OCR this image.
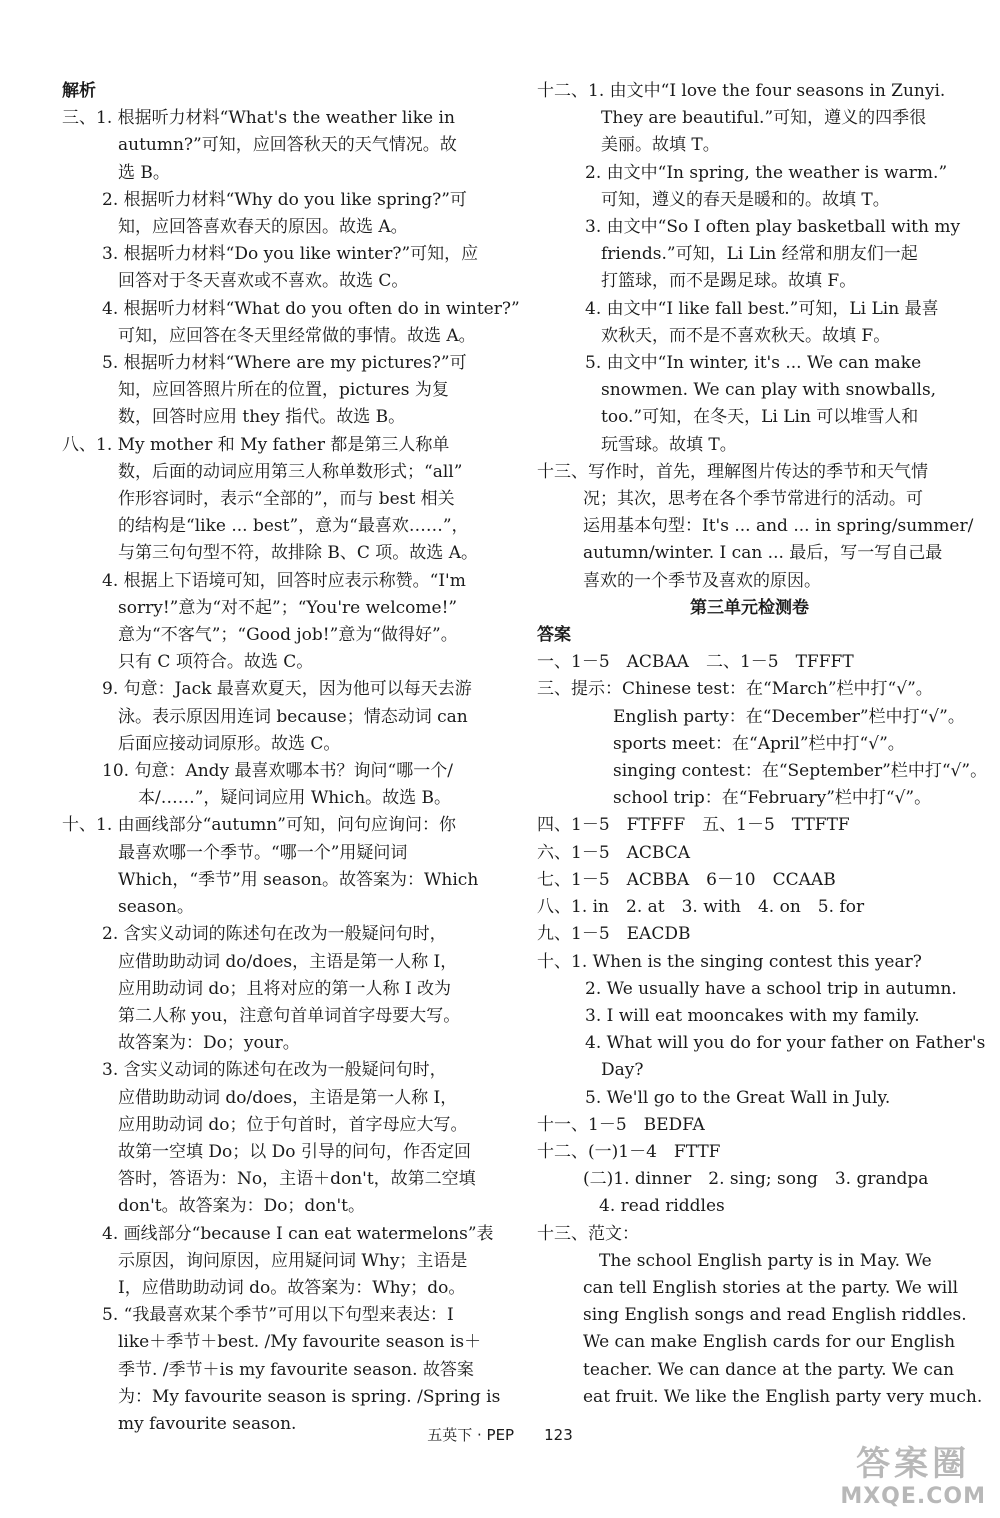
解析
三、1. 根据听力材料“What's the weather like in
autumn?”可知，应回答秋天的天气情况。故
选 B。
2. 根据听力材料“Why do you like spring?”可
知，应回答喜欢春天的原因。故选 A。
3. 根据听力材料“Do you like winter?”可知，应
回答对于冬天喜欢或不喜欢。故选 C。
4. 根据听力材料“What do you often do in winter?”
可知，应回答在冬天里经常做的事情。故选 A。
5. 根据听力材料“Where are my pictures?”可
知，应回答照片所在的位置，pictures 为复
数，回答时应用 they 指代。故选 B。
八、1. My mother 和 My father 都是第三人称单
数，后面的动词应用第三人称单数形式；“all”
作形容词时，表示“全部的”，而与 best 相关
的结构是“like ... best”，意为“最喜欢……”，
与第三句句型不符，故排除 B、C 项。故选 A。
4. 根据上下语境可知，回答时应表示称赞。“I'm
sorry!”意为“对不起”；“You're welcome!”
意为“不客气”；“Good job!”意为“做得好”。
只有 C 项符合。故选 C。
9. 句意：Jack 最喜欢夏天，因为他可以每天去游
泳。表示原因用连词 because；情态动词 can
后面应接动词原形。故选 C。
10. 句意：Andy 最喜欢哪本书？询问“哪一个/
本/……”，疑问词应用 Which。故选 B。
十、1. 由画线部分“autumn”可知，问句应询问：你
最喜欢哪一个季节。“哪一个”用疑问词
Which，“季节”用 season。故答案为：Which
season。
2. 含实义动词的陈述句在改为一般疑问句时，
应借助助动词 do/does，主语是第一人称 I，
应用助动词 do；且将对应的第一人称 I 改为
第二人称 you，注意句首单词首字母要大写。
故答案为：Do；your。
3. 含实义动词的陈述句在改为一般疑问句时，
应借助助动词 do/does，主语是第一人称 I，
应用助动词 do；位于句首时，首字母应大写。
故第一空填 Do；以 Do 引导的问句，作否定回
答时，答语为：No，主语＋don't，故第二空填
don't。故答案为：Do；don't。
4. 画线部分“because I can eat watermelons”表
示原因，询问原因，应用疑问词 Why；主语是
I，应借助助动词 do。故答案为：Why；do。
5. “我最喜欢某个季节”可用以下句型来表达：I
like＋季节＋best. /My favourite season is＋
季节. /季节＋is my favourite season. 故答案
为：My favourite season is spring. /Spring is
my favourite season.
十二、1. 由文中“I love the four seasons in Zunyi.
They are beautiful.”可知，遵义的四季很
美丽。故填 T。
2. 由文中“In spring, the weather is warm.”
可知，遵义的春天是暖和的。故填 T。
3. 由文中“So I often play basketball with my
friends.”可知，Li Lin 经常和朋友们一起
打篮球，而不是踢足球。故填 F。
4. 由文中“I like fall best.”可知，Li Lin 最喜
欢秋天，而不是不喜欢秋天。故填 F。
5. 由文中“In winter, it's ... We can make
snowmen. We can play with snowballs,
too.”可知，在冬天，Li Lin 可以堆雪人和
玩雪球。故填 T。
十三、写作时，首先，理解图片传达的季节和天气情
况；其次，思考在各个季节常进行的活动。可
运用基本句型：It's ... and ... in spring/summer/
autumn/winter. I can ... 最后，写一写自己最
喜欢的一个季节及喜欢的原因。
第三单元检测卷
答案
一、1－5　ACBAA　二、1－5　TFFFT
三、提示：Chinese test：在“March”栏中打“√”。
English party：在“December”栏中打“√”。
sports meet：在“April”栏中打“√”。
singing contest：在“September”栏中打“√”。
school trip：在“February”栏中打“√”。
四、1－5　FTFFF　五、1－5　TTFTF
六、1－5　ACBCA
七、1－5　ACBBA　6－10　CCAAB
八、1. in　2. at　3. with　4. on　5. for
九、1－5　EACDB
十、1. When is the singing contest this year?
2. We usually have a school trip in autumn.
3. I will eat mooncakes with my family.
4. What will you do for your father on Father's
Day?
5. We'll go to the Great Wall in July.
十一、1－5　BEDFA
十二、(一)1－4　FTTF
(二)1. dinner　2. sing; song　3. grandpa
4. read riddles
十三、范文：
The school English party is in May. We
can tell English stories at the party. We will
sing English songs and read English riddles.
We can make English cards for our English
teacher. We can dance at the party. We can
eat fruit. We like the English party very much.
五英下 · PEP　　123
答案圈
MXQE.COM
